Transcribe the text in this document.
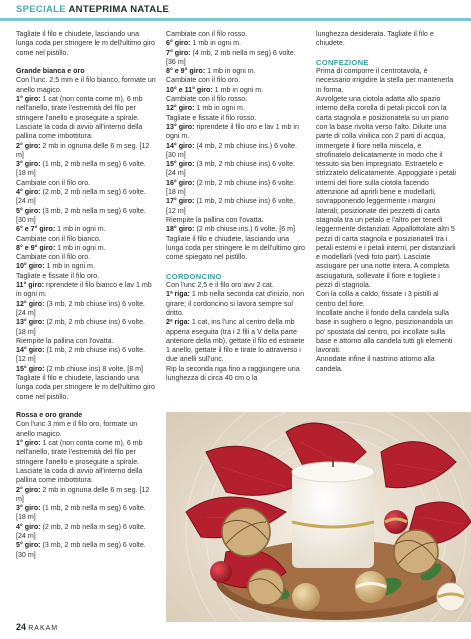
SPECIALE ANTEPRIMA NATALE

Tagliate il filo e chiudete, lasciando una lunga coda per stringere le m dell'ultimo giro come nel pistillo.

Grande bianca e oro

Con l'unc. 2,5 mm e il filo bianco, formate un anello magico.

1° giro: 1 cat (non conta come m), 6 mb nell'anello, tirate l'estremità del filo per stringere l'anello e proseguite a spirale. Lasciate la coda di avvio all'interno della pallina come imbottitura.

2° giro: 2 mb in ognuna delle 6 m seg. [12 m]

3° giro: (1 mb, 2 mb nella m seg) 6 volte. [18 m]

Cambiate con il filo oro.

4° giro: (2 mb, 2 mb nella m seg) 6 volte. [24 m]

5° giro: (3 mb, 2 mb nella m seg) 6 volte. [30 m]

6° e 7° giro: 1 mb in ogni m.

Cambiate con il filo bianco.

8° e 9° giro: 1 mb in ogni m.

Cambiate con il filo oro.

10° giro: 1 mb in ogni m.

Tagliate e fissate il filo oro.

11° giro: riprendete il filo bianco e lav 1 mb in ogni m.

12° giro: (3 mb, 2 mb chiuse ins) 6 volte. [24 m]

13° giro: (2 mb, 2 mb chiuse ins) 6 volte. [18 m]

Riempite la pallina con l'ovatta.

14° giro: (1 mb, 2 mb chiuse ins) 6 volte. [12 m]

15° giro: (2 mb chiuse ins) 8 volte. [8 m]

Tagliate il filo e chiudete, lasciando una lunga coda per stringere le m dell'ultimo giro come nel pistillo.

Rossa e oro grande

Con l'unc 3 mm e il filo oro, formate un anello magico.

1° giro: 1 cat (non conta come m), 6 mb nell'anello, tirate l'estremità del filo per stringere l'anello e proseguite a spirale. Lasciate la coda di avvio all'interno della pallina come imbottitura.

2° giro: 2 mb in ognuna delle 6 m seg. [12 m]

3° giro: (1 mb, 2 mb nella m seg) 6 volte. [18 m]

4° giro: (2 mb, 2 mb nella m seg) 6 volte. [24 m]

5° giro: (3 mb, 2 mb nella m seg) 6 volte. [30 m]

Cambiate con il filo rosso.

6° giro: 1 mb in ogni m.

7° giro: (4 mb, 2 mb nella m seg) 6 volte. [36 m]

8° e 9° giro: 1 mb in ogni m.

Cambiate con il filo oro.

10° e 11° giro: 1 mb in ogni m.

Cambiate con il filo rosso.

12° giro: 1 mb in ogni m.

Tagliate e fissate il filo rosso.

13° giro: riprendete il filo oro e lav 1 mb in ogni m.

14° giro: (4 mb, 2 mb chiuse ins.) 6 volte. [30 m]

15° giro: (3 mb, 2 mb chiuse ins) 6 volte. [24 m]

16° giro: (2 mb, 2 mb chiuse ins) 6 volte. [18 m]

17° giro: (1 mb, 2 mb chiuse ins) 6 volte. [12 m]

Riempite la pallina con l'ovatta.

18° giro: (2 mb chiuse ins.) 6 volte. [6 m]

Tagliate il filo e chiudete, lasciando una lunga coda per stringere le m dell'ultimo giro come spiegato nel pistillo.

CORDONCINO

Con l'unc 2,5 e il filo oro avv 2 cat.

1ª riga: 1 mb nella seconda cat d'inizio, non girare; il cordoncino si lavora sempre sul dritto.

2ª riga: 1 cat, ins l'unc al centro della mb appena eseguita (tra i 2 fili a V della parte anteriore della mb), gettate il filo ed estraete 1 anello, gettate il filo e tirate lo attraverso i due anelli sull'unc.

Rip la seconda riga fino a raggiungere una lunghezza di circa 40 cm o la

lunghezza desiderata. Tagliate il filo e chiudete.

CONFEZIONE

Prima di comporre il centrotavola, è necessario irrigidire la stella per mantenerla in forma.

Avvolgete una ciotola adatta allo spazio interno della corolla di petali piccoli con la carta stagnola e posizionatela su un piano con la base rivolta verso l'alto. Diluite una parte di colla vinilica con 2 parti di acqua, immergete il fiore nella miscela, e strofinatelo delicatamente in modo che il tessuto sia ben impregnato. Estraetelo e strizzatelo delicatamente. Appoggiate i petali interni del fiore sulla ciotola facendo attenzione ad aprirli bene e modellarli, sovrapponendo leggermente i margini laterali; posizionate dei pezzetti di carta stagnola tra un petalo e l'altro per tenerli leggermente distanziati. Appallottolate altri 5 pezzi di carta stagnola e posizionateli tra i petali esterni e i petali interni, per distanziarli e modellarli (vedi foto part). Lasciate asciugare per una notte intera. A completa asciugatura, sollevate il fiore e togliete i pezzi di stagnola.

Con la colla a caldo, fissate i 3 pistilli al centro del fiore.

Incollate anche il fondo della candela sulla base in sughero o legno, posizionandola un po' spostata dal centro, poi incollate sulla base e attorno alla candela tutti gli elementi lavorati.

Annodate infine il nastrino attorno alla candela.

24 RAKAM
